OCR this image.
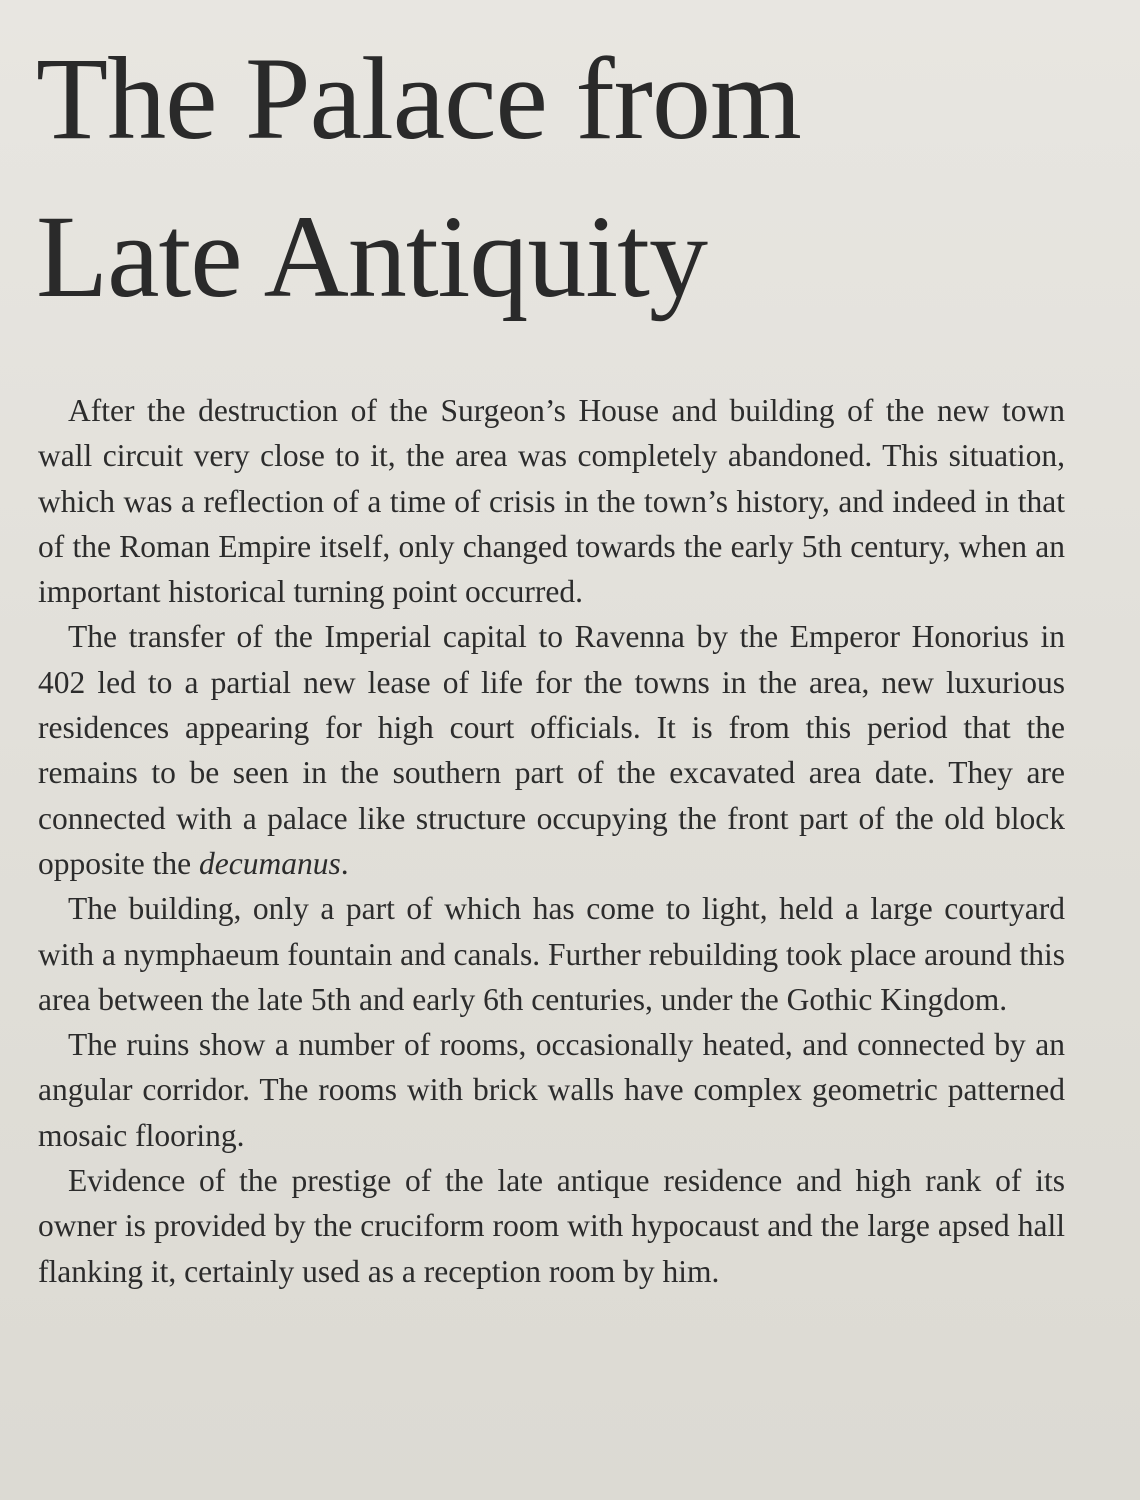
The Palace from
Late Antiquity

After the destruction of the Surgeon’s House and building of the new town wall circuit very close to it, the area was completely abandoned. This situation, which was a reflection of a time of crisis in the town’s history, and indeed in that of the Roman Empire itself, only changed towards the early 5th century, when an important historical turning point occurred.

The transfer of the Imperial capital to Ravenna by the Emperor Honorius in 402 led to a partial new lease of life for the towns in the area, new luxurious residences appearing for high court officials. It is from this period that the remains to be seen in the southern part of the excavated area date. They are connected with a palace like structure occupying the front part of the old block opposite the decumanus.

The building, only a part of which has come to light, held a large courtyard with a nymphaeum fountain and canals. Further rebuilding took place around this area between the late 5th and early 6th centuries, under the Gothic Kingdom.

The ruins show a number of rooms, occasionally heated, and connected by an angular corridor. The rooms with brick walls have complex geometric patterned mosaic flooring.

Evidence of the prestige of the late antique residence and high rank of its owner is provided by the cruciform room with hypocaust and the large apsed hall flanking it, certainly used as a reception room by him.
